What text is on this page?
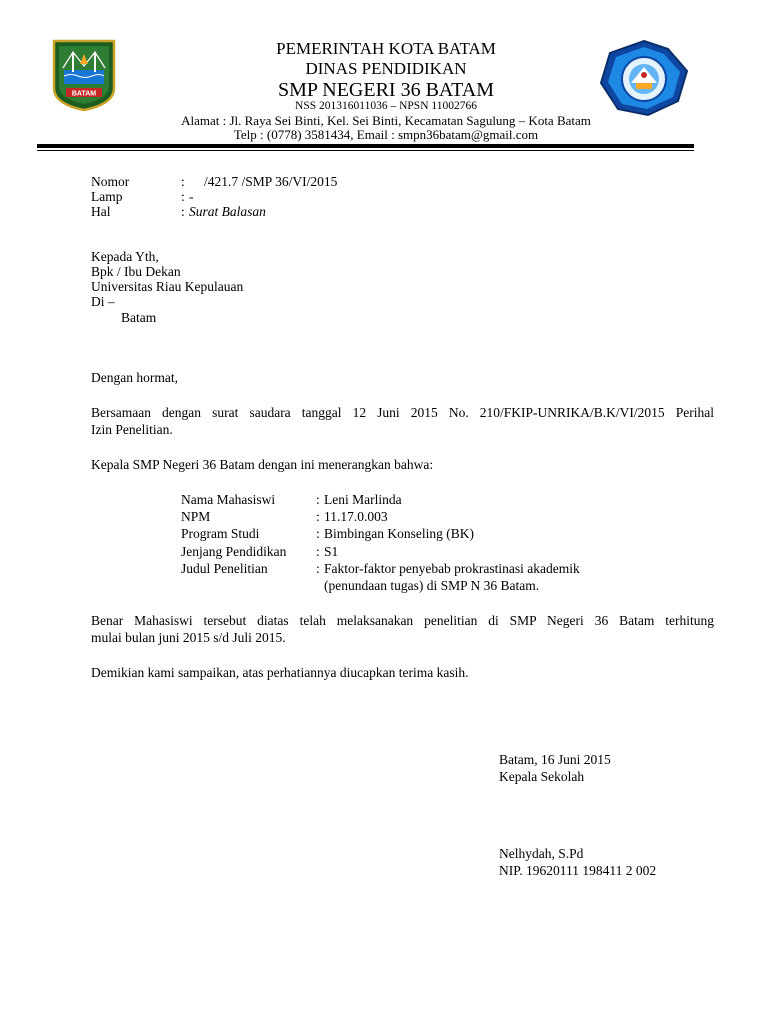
BATAM
PEMERINTAH KOTA BATAM
DINAS PENDIDIKAN
SMP NEGERI 36 BATAM
NSS 201316011036 – NPSN 11002766
Alamat : Jl. Raya Sei Binti, Kel. Sei Binti, Kecamatan Sagulung – Kota Batam
Telp : (0778) 3581434, Email : smpn36batam@gmail.com
Nomor	: /421.7 /SMP 36/VI/2015
Lamp	: -
Hal	: Surat Balasan
Kepada Yth,
Bpk / Ibu Dekan
Universitas Riau Kepulauan
Di –
Batam
Dengan hormat,
Bersamaan dengan surat saudara tanggal 12 Juni 2015 No. 210/FKIP-UNRIKA/B.K/VI/2015 Perihal
Izin Penelitian.
Kepala SMP Negeri 36 Batam dengan ini menerangkan bahwa:
Nama Mahasiswi	: Leni Marlinda
NPM	: 11.17.0.003
Program Studi	: Bimbingan Konseling (BK)
Jenjang Pendidikan : S1
Judul Penelitian	: Faktor-faktor penyebab prokrastinasi akademik
(penundaan tugas) di SMP N 36 Batam.
Benar Mahasiswi tersebut diatas telah melaksanakan penelitian di SMP Negeri 36 Batam terhitung
mulai bulan juni 2015 s/d Juli 2015.
Demikian kami sampaikan, atas perhatiannya diucapkan terima kasih.
Batam, 16 Juni 2015
Kepala Sekolah
Nelhydah, S.Pd
NIP. 19620111 198411 2 002
